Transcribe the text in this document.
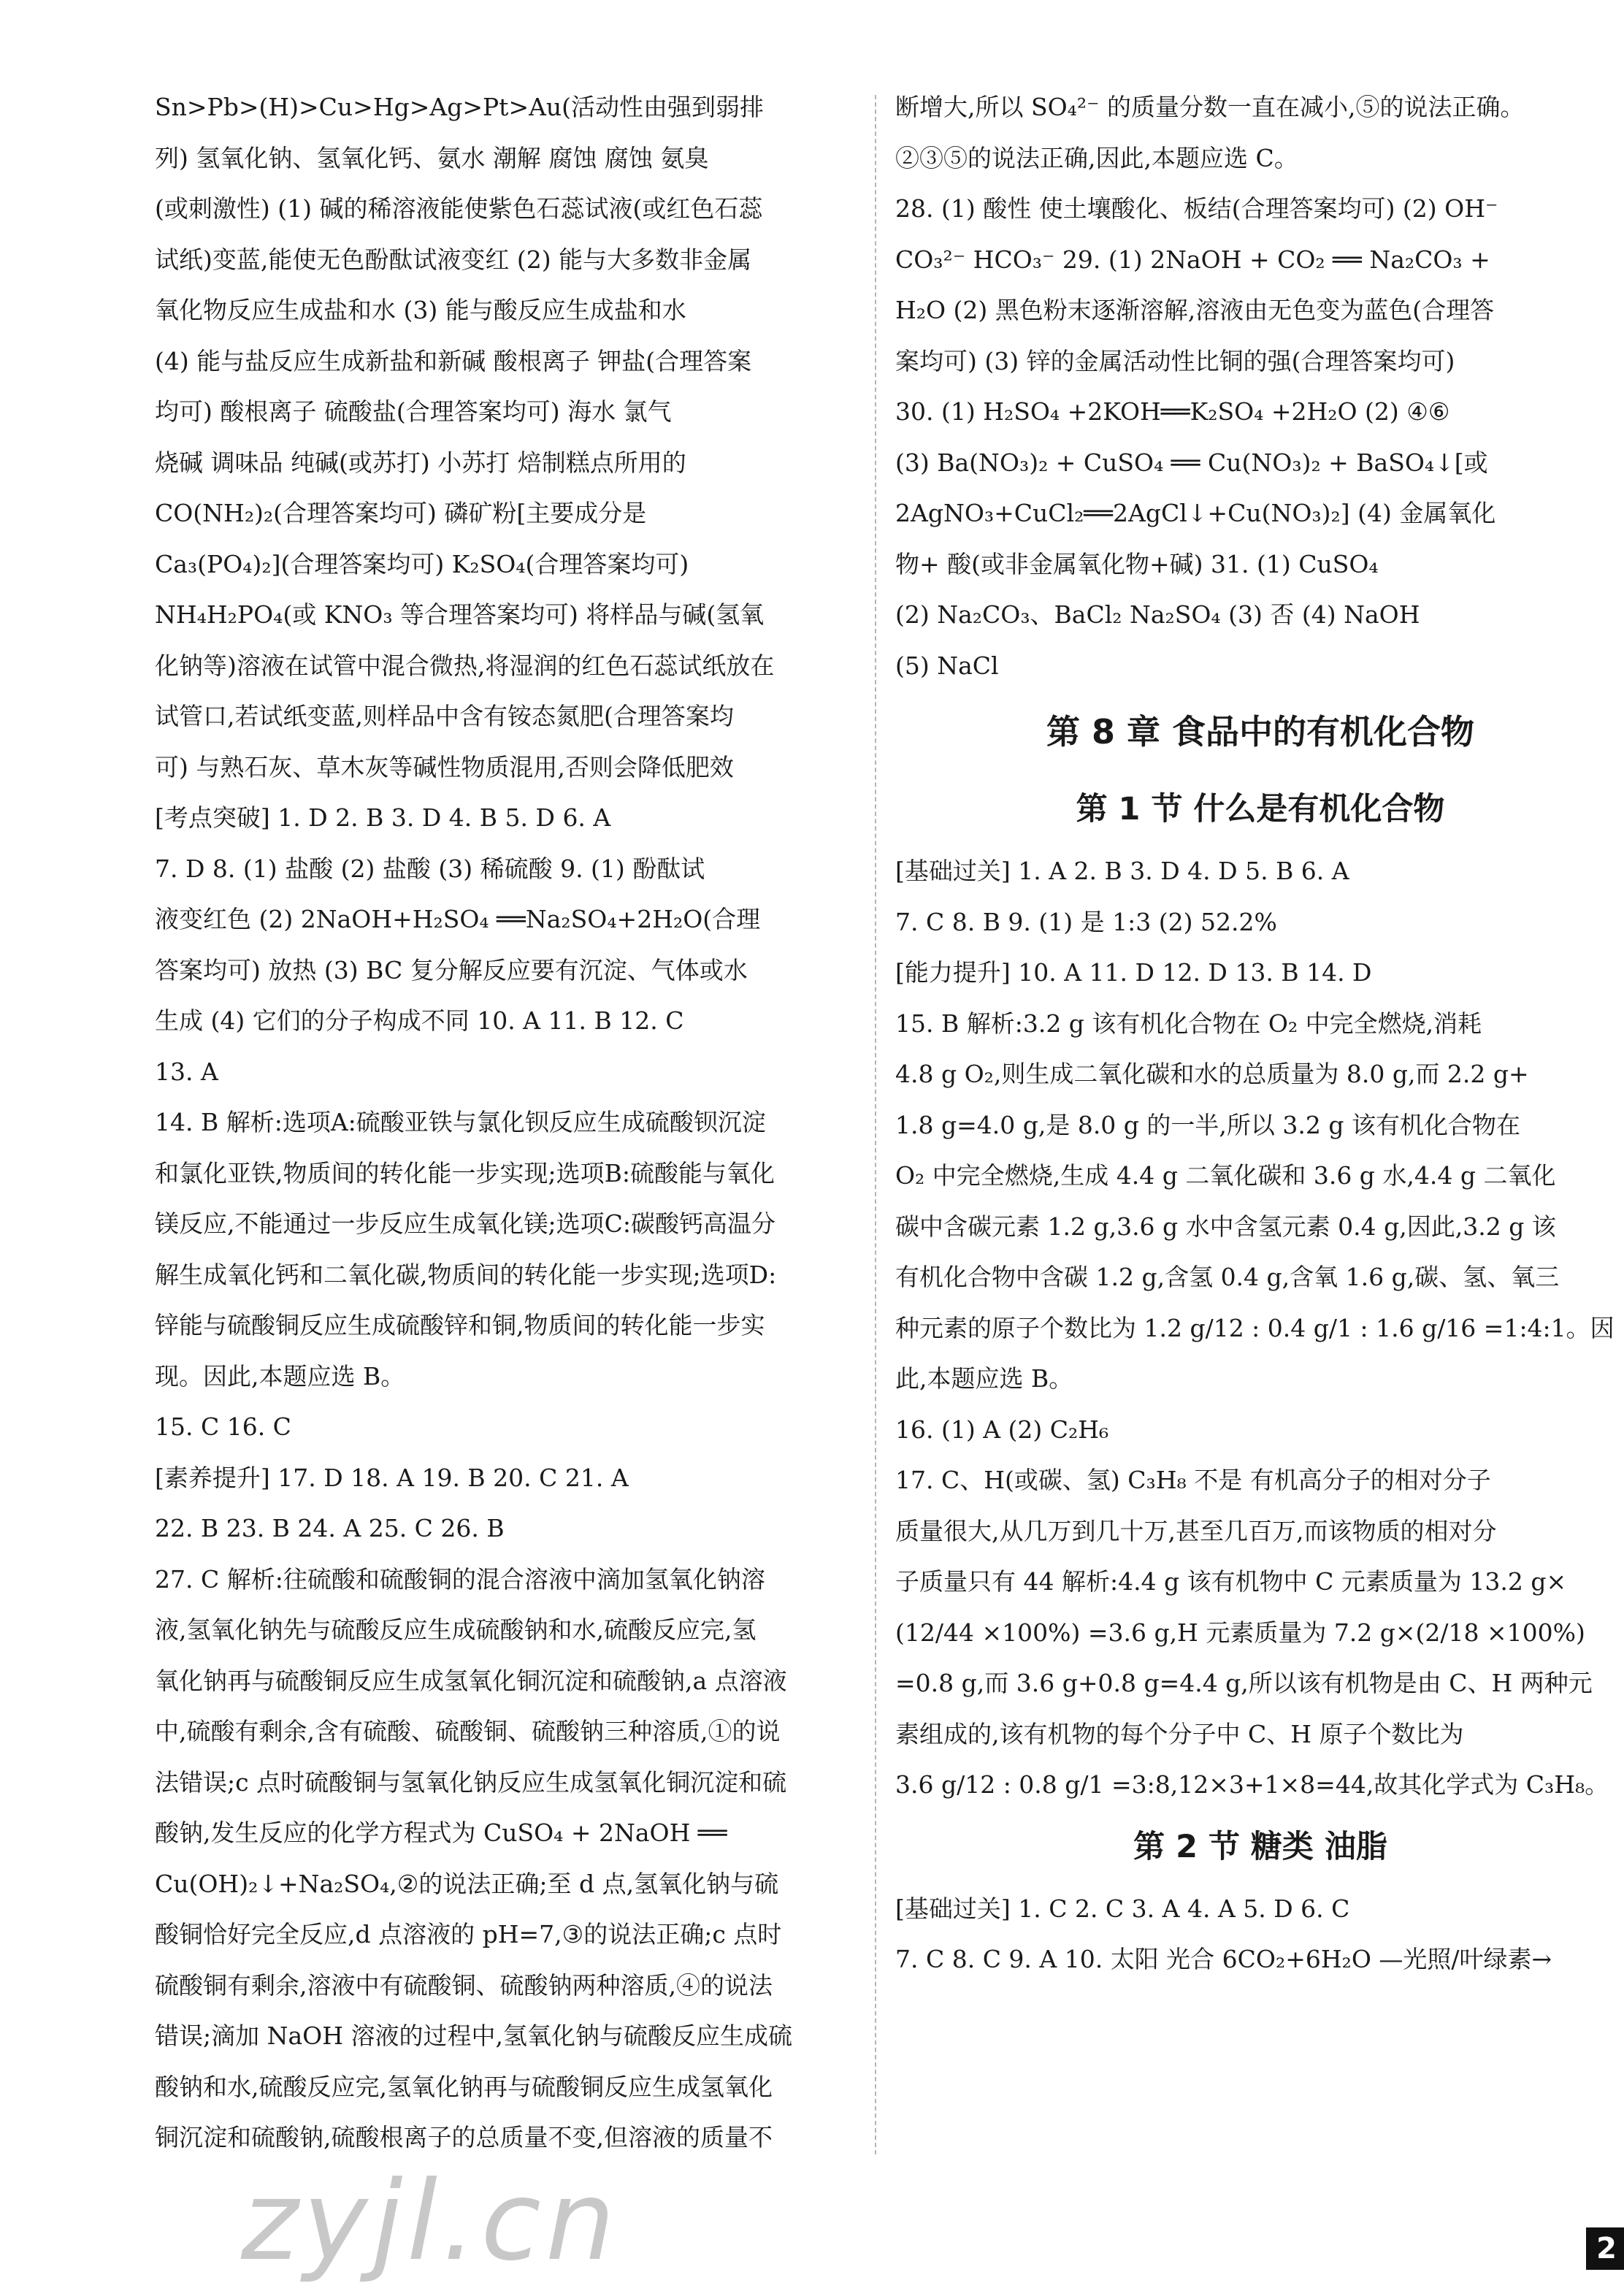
Sn>Pb>(H)>Cu>Hg>Ag>Pt>Au(活动性由强到弱排
列) 氢氧化钠、氢氧化钙、氨水 潮解 腐蚀 腐蚀 氨臭
(或刺激性) (1) 碱的稀溶液能使紫色石蕊试液(或红色石蕊
试纸)变蓝,能使无色酚酞试液变红 (2) 能与大多数非金属
氧化物反应生成盐和水 (3) 能与酸反应生成盐和水
(4) 能与盐反应生成新盐和新碱 酸根离子 钾盐(合理答案
均可) 酸根离子 硫酸盐(合理答案均可) 海水 氯气
烧碱 调味品 纯碱(或苏打) 小苏打 焙制糕点所用的
CO(NH₂)₂(合理答案均可) 磷矿粉[主要成分是
Ca₃(PO₄)₂](合理答案均可) K₂SO₄(合理答案均可)
NH₄H₂PO₄(或 KNO₃ 等合理答案均可) 将样品与碱(氢氧
化钠等)溶液在试管中混合微热,将湿润的红色石蕊试纸放在
试管口,若试纸变蓝,则样品中含有铵态氮肥(合理答案均
可) 与熟石灰、草木灰等碱性物质混用,否则会降低肥效
[考点突破] 1. D 2. B 3. D 4. B 5. D 6. A
7. D 8. (1) 盐酸 (2) 盐酸 (3) 稀硫酸 9. (1) 酚酞试
液变红色 (2) 2NaOH+H₂SO₄ ══Na₂SO₄+2H₂O(合理
答案均可) 放热 (3) BC 复分解反应要有沉淀、气体或水
生成 (4) 它们的分子构成不同 10. A 11. B 12. C
13. A
14. B 解析:选项A:硫酸亚铁与氯化钡反应生成硫酸钡沉淀
和氯化亚铁,物质间的转化能一步实现;选项B:硫酸能与氧化
镁反应,不能通过一步反应生成氧化镁;选项C:碳酸钙高温分
解生成氧化钙和二氧化碳,物质间的转化能一步实现;选项D:
锌能与硫酸铜反应生成硫酸锌和铜,物质间的转化能一步实
现。因此,本题应选 B。
15. C 16. C
[素养提升] 17. D 18. A 19. B 20. C 21. A
22. B 23. B 24. A 25. C 26. B
27. C 解析:往硫酸和硫酸铜的混合溶液中滴加氢氧化钠溶
液,氢氧化钠先与硫酸反应生成硫酸钠和水,硫酸反应完,氢
氧化钠再与硫酸铜反应生成氢氧化铜沉淀和硫酸钠,a 点溶液
中,硫酸有剩余,含有硫酸、硫酸铜、硫酸钠三种溶质,①的说
法错误;c 点时硫酸铜与氢氧化钠反应生成氢氧化铜沉淀和硫
酸钠,发生反应的化学方程式为 CuSO₄ + 2NaOH ══
Cu(OH)₂↓+Na₂SO₄,②的说法正确;至 d 点,氢氧化钠与硫
酸铜恰好完全反应,d 点溶液的 pH=7,③的说法正确;c 点时
硫酸铜有剩余,溶液中有硫酸铜、硫酸钠两种溶质,④的说法
错误;滴加 NaOH 溶液的过程中,氢氧化钠与硫酸反应生成硫
酸钠和水,硫酸反应完,氢氧化钠再与硫酸铜反应生成氢氧化
铜沉淀和硫酸钠,硫酸根离子的总质量不变,但溶液的质量不
断增大,所以 SO₄²⁻ 的质量分数一直在减小,⑤的说法正确。
②③⑤的说法正确,因此,本题应选 C。
28. (1) 酸性 使土壤酸化、板结(合理答案均可) (2) OH⁻
CO₃²⁻ HCO₃⁻ 29. (1) 2NaOH + CO₂ ══ Na₂CO₃ +
H₂O (2) 黑色粉末逐渐溶解,溶液由无色变为蓝色(合理答
案均可) (3) 锌的金属活动性比铜的强(合理答案均可)
30. (1) H₂SO₄ +2KOH══K₂SO₄ +2H₂O (2) ④⑥
(3) Ba(NO₃)₂ + CuSO₄ ══ Cu(NO₃)₂ + BaSO₄↓[或
2AgNO₃+CuCl₂══2AgCl↓+Cu(NO₃)₂] (4) 金属氧化
物+ 酸(或非金属氧化物+碱) 31. (1) CuSO₄
(2) Na₂CO₃、BaCl₂ Na₂SO₄ (3) 否 (4) NaOH
(5) NaCl
第 8 章 食品中的有机化合物
第 1 节 什么是有机化合物
[基础过关] 1. A 2. B 3. D 4. D 5. B 6. A
7. C 8. B 9. (1) 是 1:3 (2) 52.2%
[能力提升] 10. A 11. D 12. D 13. B 14. D
15. B 解析:3.2 g 该有机化合物在 O₂ 中完全燃烧,消耗
4.8 g O₂,则生成二氧化碳和水的总质量为 8.0 g,而 2.2 g+
1.8 g=4.0 g,是 8.0 g 的一半,所以 3.2 g 该有机化合物在
O₂ 中完全燃烧,生成 4.4 g 二氧化碳和 3.6 g 水,4.4 g 二氧化
碳中含碳元素 1.2 g,3.6 g 水中含氢元素 0.4 g,因此,3.2 g 该
有机化合物中含碳 1.2 g,含氢 0.4 g,含氧 1.6 g,碳、氢、氧三
种元素的原子个数比为 1.2 g/12 : 0.4 g/1 : 1.6 g/16 =1:4:1。因
此,本题应选 B。
16. (1) A (2) C₂H₆
17. C、H(或碳、氢) C₃H₈ 不是 有机高分子的相对分子
质量很大,从几万到几十万,甚至几百万,而该物质的相对分
子质量只有 44 解析:4.4 g 该有机物中 C 元素质量为 13.2 g×
(12/44 ×100%) =3.6 g,H 元素质量为 7.2 g×(2/18 ×100%)
=0.8 g,而 3.6 g+0.8 g=4.4 g,所以该有机物是由 C、H 两种元
素组成的,该有机物的每个分子中 C、H 原子个数比为
3.6 g/12 : 0.8 g/1 =3:8,12×3+1×8=44,故其化学式为 C₃H₈。
第 2 节 糖类 油脂
[基础过关] 1. C 2. C 3. A 4. A 5. D 6. C
7. C 8. C 9. A 10. 太阳 光合 6CO₂+6H₂O —光照/叶绿素→
zyjl.cn	2
